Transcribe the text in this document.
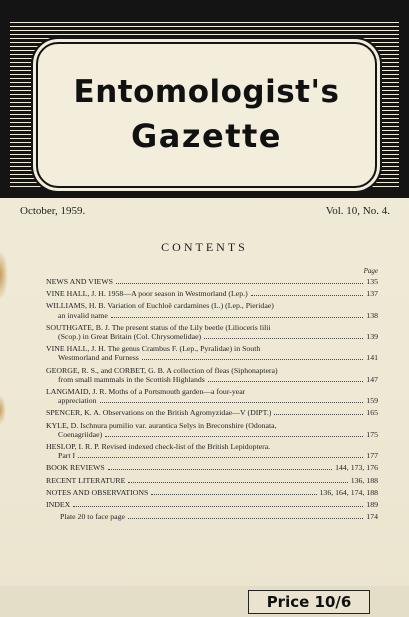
Entomologist's
Gazette
October, 1959.	Vol. 10, No. 4.
CONTENTS
Page
NEWS AND VIEWS	135
VINE HALL, J. H. 1958—A poor season in Westmorland (Lep.)	137
WILLIAMS, H. B. Variation of Euchloë cardamines (L.) (Lep., Pieridae)
an invalid name	138
SOUTHGATE, B. J. The present status of the Lily beetle (Lilioceris lilii
(Scop.) in Great Britain (Col. Chrysomelidae)	139
VINE HALL, J. H. The genus Crambus F. (Lep., Pyralidae) in South
Westmorland and Furness	141
GEORGE, R. S., and CORBET, G. B. A collection of fleas (Siphonaptera)
from small mammals in the Scottish Highlands	147
LANGMAID, J. R. Moths of a Portsmouth garden—a four-year
appreciation	159
SPENCER, K. A. Observations on the British Agromyzidae—V (DIPT.)	165
KYLE, D. Ischnura pumilio var. aurantica Selys in Breconshire (Odonata,
Coenagriidae)	175
HESLOP, I. R. P. Revised indexed check-list of the British Lepidoptera.
Part I	177
BOOK REVIEWS	144, 173, 176
RECENT LITERATURE	136, 188
NOTES AND OBSERVATIONS	136, 164, 174, 188
INDEX	189
Plate 20 to face page	174
Price 10/6
